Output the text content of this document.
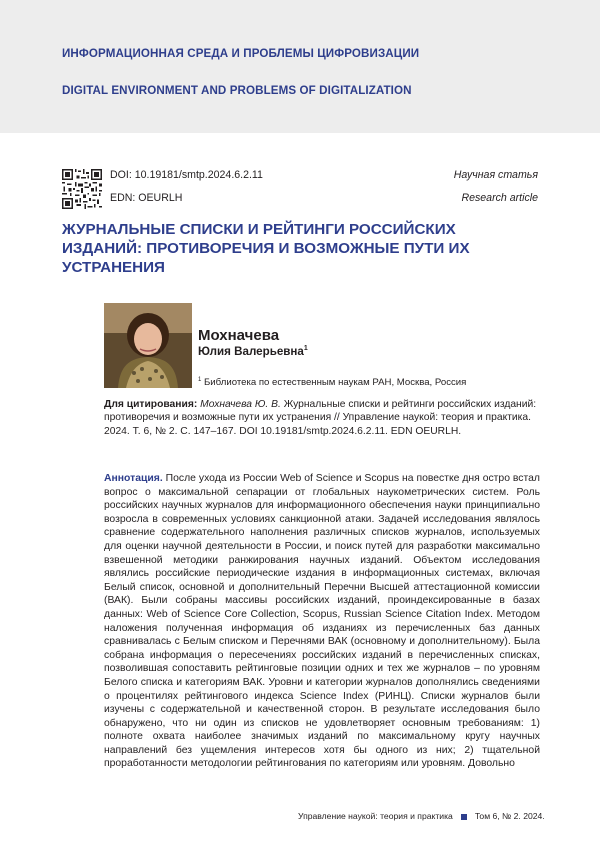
ИНФОРМАЦИОННАЯ СРЕДА И ПРОБЛЕМЫ ЦИФРОВИЗАЦИИ
DIGITAL ENVIRONMENT AND PROBLEMS OF DIGITALIZATION
DOI: 10.19181/smtp.2024.6.2.11
EDN: OEURLH
Научная статья
Research article
ЖУРНАЛЬНЫЕ СПИСКИ И РЕЙТИНГИ РОССИЙСКИХ ИЗДАНИЙ: ПРОТИВОРЕЧИЯ И ВОЗМОЖНЫЕ ПУТИ ИХ УСТРАНЕНИЯ
Мохначева
Юлия Валерьевна$^1$
$^1$ Библиотека по естественным наукам РАН, Москва, Россия
Для цитирования: Мохначева Ю. В. Журнальные списки и рейтинги российских изданий: противоречия и возможные пути их устранения // Управление наукой: теория и практика. 2024. Т. 6, № 2. С. 147–167. DOI 10.19181/smtp.2024.6.2.11. EDN OEURLH.
Аннотация. После ухода из России Web of Science и Scopus на повестке дня остро встал вопрос о максимальной сепарации от глобальных наукометрических систем. Роль российских научных журналов для информационного обеспечения науки принципиально возросла в современных условиях санкционной атаки. Задачей исследования являлось сравнение содержательного наполнения различных списков журналов, используемых для оценки научной деятельности в России, и поиск путей для разработки максимально взвешенной методики ранжирования научных изданий. Объектом исследования являлись российские периодические издания в информационных системах, включая Белый список, основной и дополнительный Перечни Высшей аттестационной комиссии (ВАК). Были собраны массивы российских изданий, проиндексированные в базах данных: Web of Science Core Collection, Scopus, Russian Science Citation Index. Методом наложения полученная информация об изданиях из перечисленных баз данных сравнивалась с Белым списком и Перечнями ВАК (основному и дополнительному). Была собрана информация о пересечениях российских изданий в перечисленных списках, позволившая сопоставить рейтинговые позиции одних и тех же журналов – по уровням Белого списка и категориям ВАК. Уровни и категории журналов дополнялись сведениями о процентилях рейтингового индекса Science Index (РИНЦ). Списки журналов были изучены с содержательной и качественной сторон. В результате исследования было обнаружено, что ни один из списков не удовлетворяет основным требованиям: 1) полноте охвата наиболее значимых изданий по максимальному кругу научных направлений без ущемления интересов хотя бы одного из них; 2) тщательной проработанности методологии рейтингования по категориям или уровням. Довольно
Управление наукой: теория и практика	Том 6, № 2. 2024.
